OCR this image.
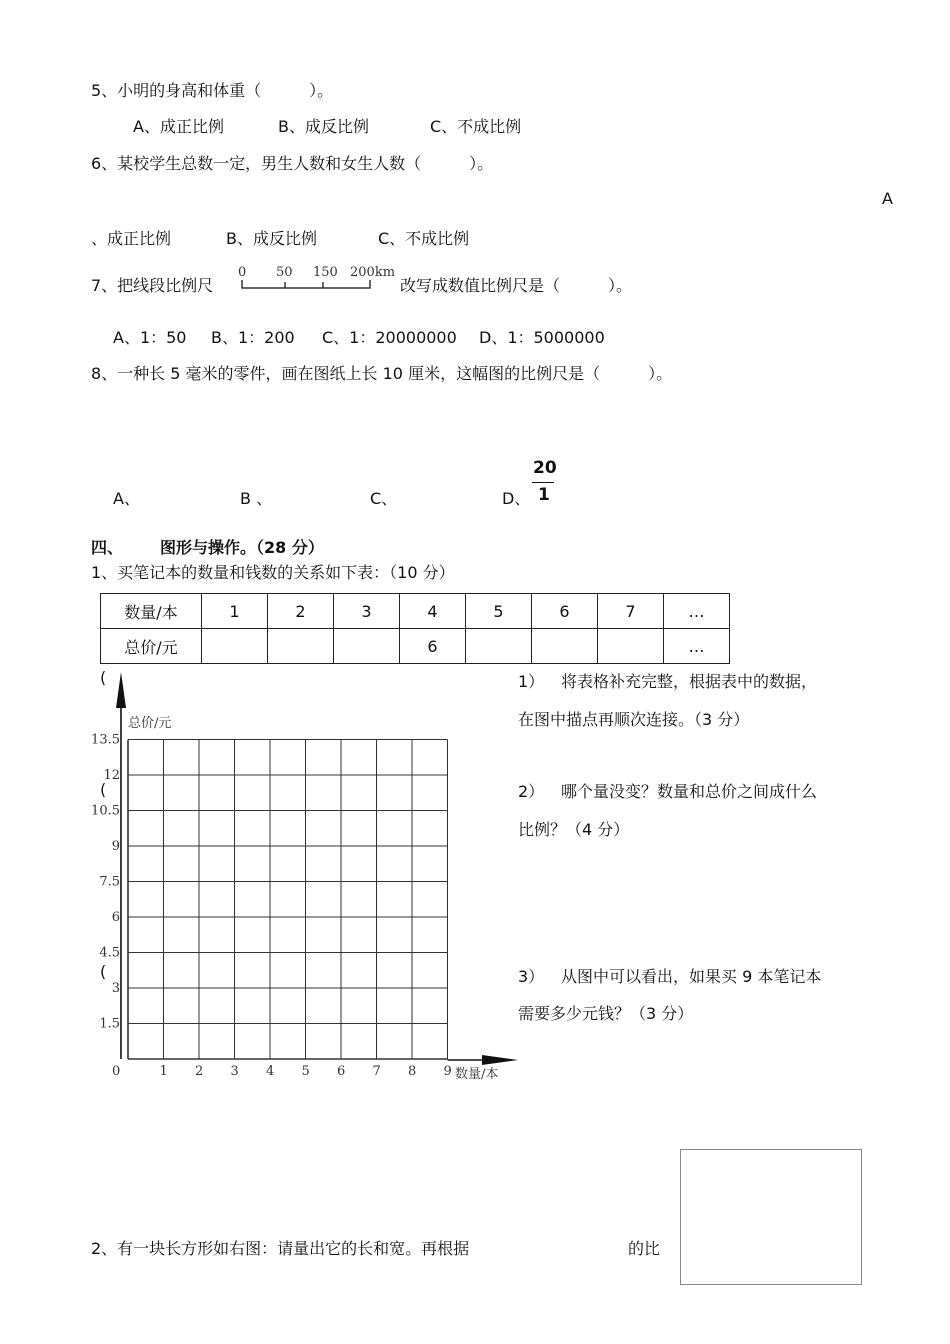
5、小明的身高和体重（　　　）。
A、成正比例	B、成反比例	C、不成比例
6、某校学生总数一定，男生人数和女生人数（　　　）。
A
、成正比例	B、成反比例	C、不成比例
7、把线段比例尺
0 50 150 200km
改写成数值比例尺是（　　　）。
A、1：50 B、1：200 C、1：20000000 D、1：5000000
8、一种长 5 毫米的零件，画在图纸上长 10 厘米，这幅图的比例尺是（　　　）。
A、	B 、	C、	D、
20
1
四、 图形与操作。（28 分）
1、买笔记本的数量和钱数的关系如下表：（10 分）
数量/本	1	2	3	4	5	6	7	…
总价/元				6				…
(
(
(
总价/元
数量/本
0	1 2 3 4 5 6 7 8 9
1.5
3
4.5
6
7.5
9
10.5
12
13.5
1） 将表格补充完整，根据表中的数据，
在图中描点再顺次连接。（3 分）
2） 哪个量没变？数量和总价之间成什么
比例？（4 分）
3） 从图中可以看出，如果买 9 本笔记本
需要多少元钱？（3 分）
2、有一块长方形如右图：请量出它的长和宽。再根据	的比
